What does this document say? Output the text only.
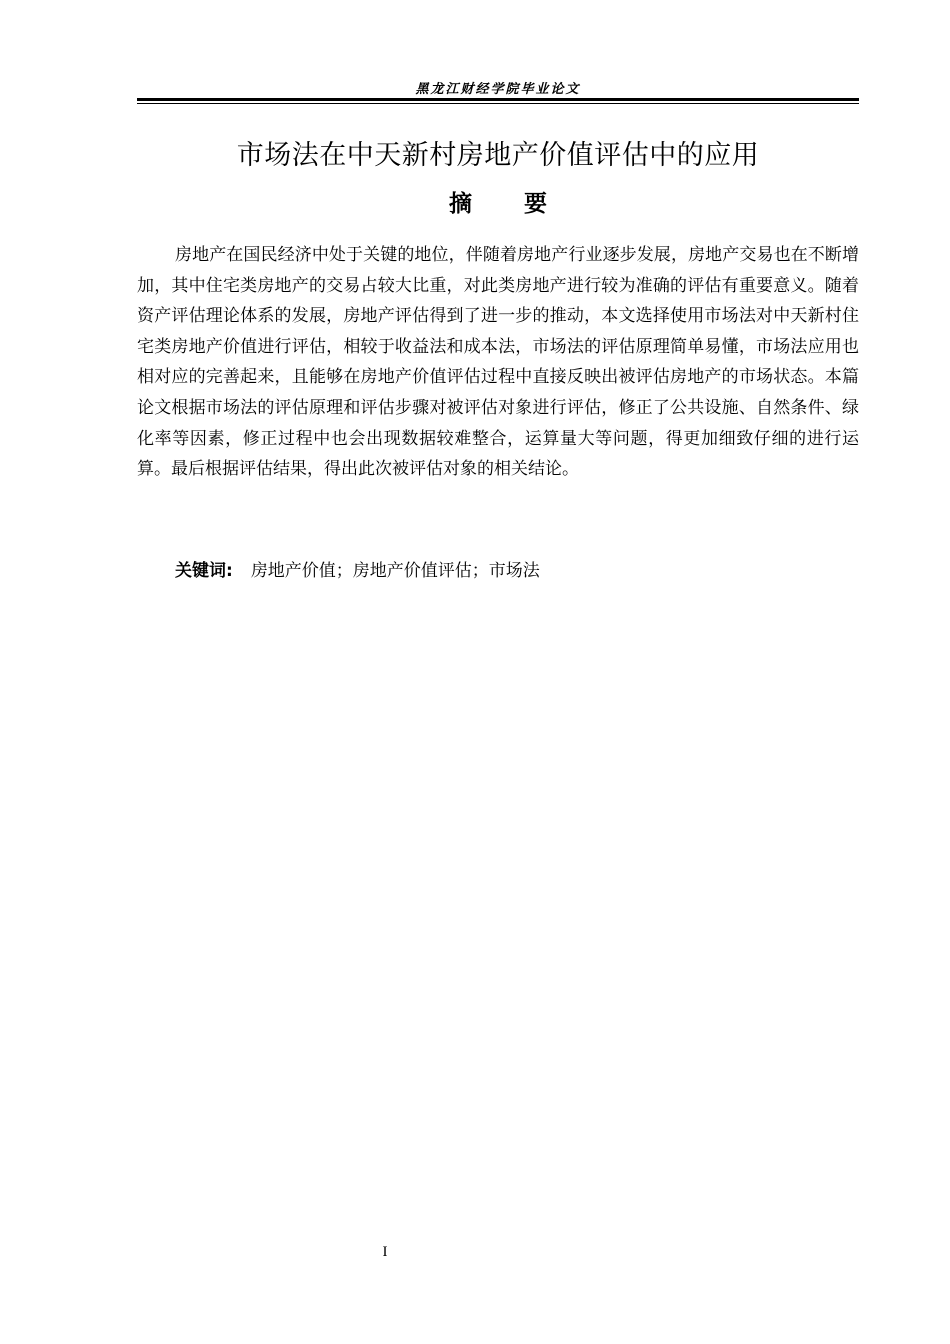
黑龙江财经学院毕业论文
市场法在中天新村房地产价值评估中的应用
摘 要

房地产在国民经济中处于关键的地位，伴随着房地产行业逐步发展，房地产交易也在不断增加，其中住宅类房地产的交易占较大比重，对此类房地产进行较为准确的评估有重要意义。随着资产评估理论体系的发展，房地产评估得到了进一步的推动，本文选择使用市场法对中天新村住宅类房地产价值进行评估，相较于收益法和成本法，市场法的评估原理简单易懂，市场法应用也相对应的完善起来，且能够在房地产价值评估过程中直接反映出被评估房地产的市场状态。本篇论文根据市场法的评估原理和评估步骤对被评估对象进行评估，修正了公共设施、自然条件、绿化率等因素，修正过程中也会出现数据较难整合，运算量大等问题，得更加细致仔细的进行运算。最后根据评估结果，得出此次被评估对象的相关结论。

关键词: 房地产价值；房地产价值评估；市场法
I
